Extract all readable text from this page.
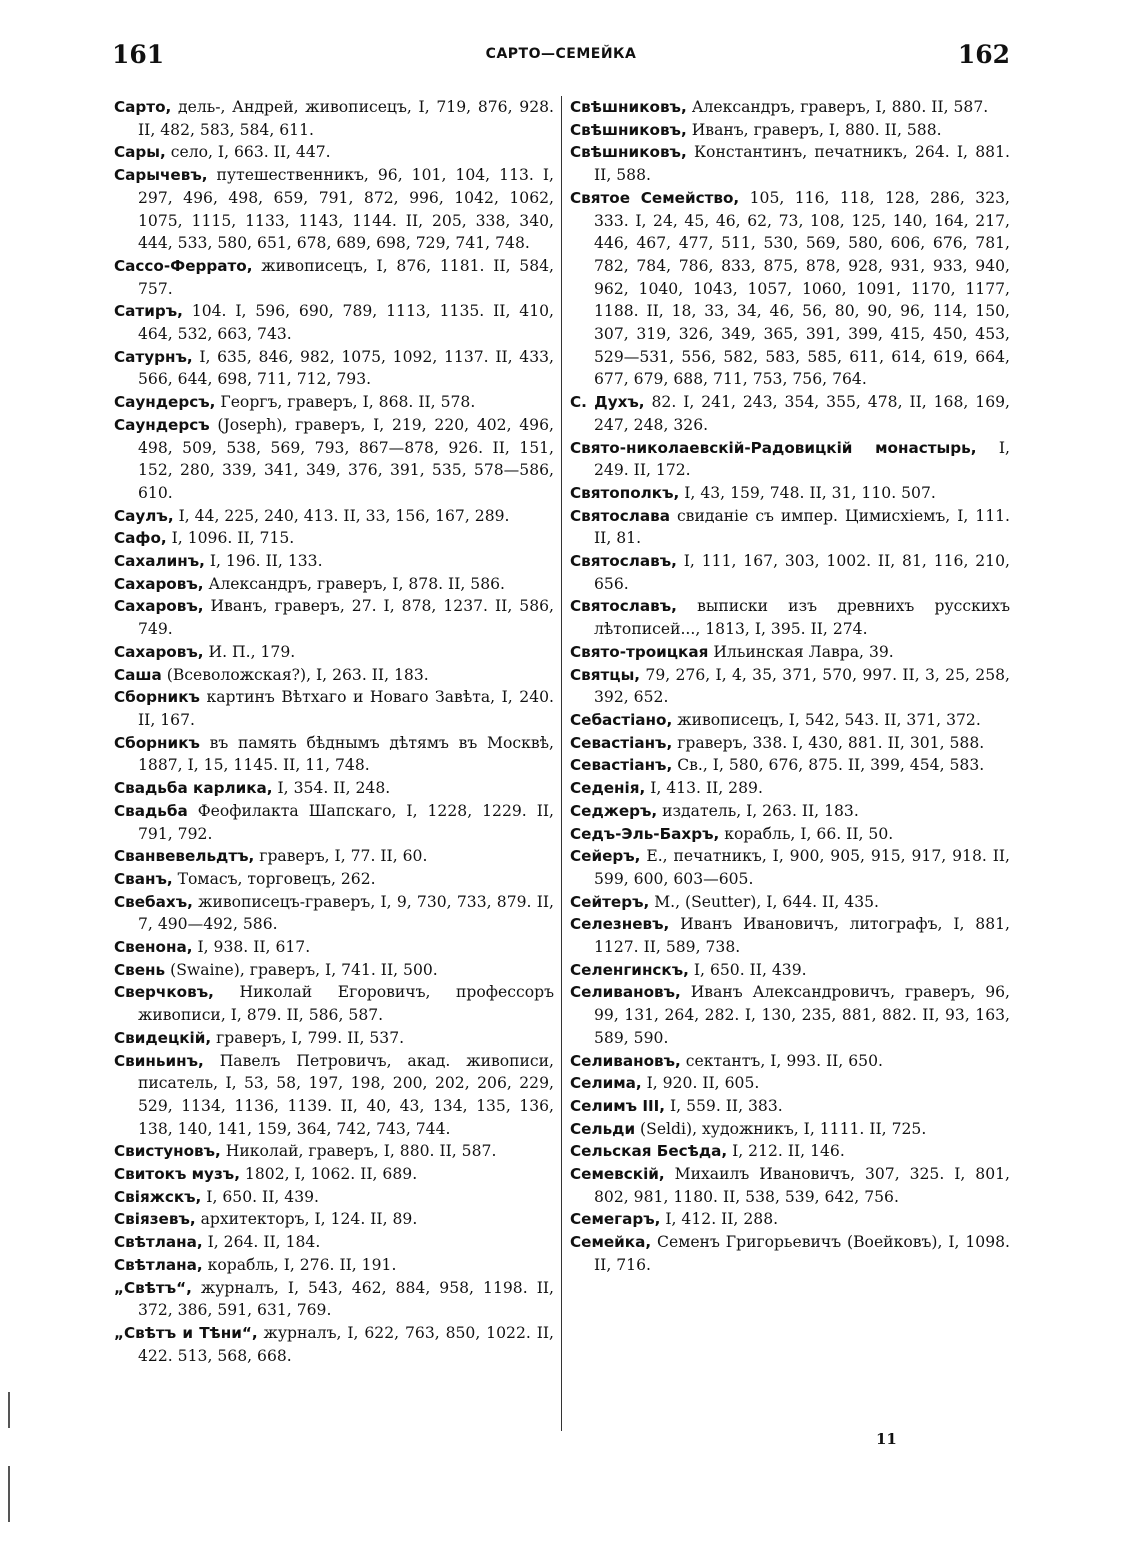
161	САРТО—СЕМЕЙКА	162

Сарто, дель-, Андрей, живописецъ, I, 719, 876, 928. II, 482, 583, 584, 611.

Сары, село, I, 663. II, 447.

Сарычевъ, путешественникъ, 96, 101, 104, 113. I, 297, 496, 498, 659, 791, 872, 996, 1042, 1062, 1075, 1115, 1133, 1143, 1144. II, 205, 338, 340, 444, 533, 580, 651, 678, 689, 698, 729, 741, 748.

Сассо-Феррато, живописецъ, I, 876, 1181. II, 584, 757.

Сатиръ, 104. I, 596, 690, 789, 1113, 1135. II, 410, 464, 532, 663, 743.

Сатурнъ, I, 635, 846, 982, 1075, 1092, 1137. II, 433, 566, 644, 698, 711, 712, 793.

Саундерсъ, Георгъ, граверъ, I, 868. II, 578.

Саундерсъ (Joseph), граверъ, I, 219, 220, 402, 496, 498, 509, 538, 569, 793, 867—878, 926. II, 151, 152, 280, 339, 341, 349, 376, 391, 535, 578—586, 610.

Саулъ, I, 44, 225, 240, 413. II, 33, 156, 167, 289.

Сафо, I, 1096. II, 715.

Сахалинъ, I, 196. II, 133.

Сахаровъ, Александръ, граверъ, I, 878. II, 586.

Сахаровъ, Иванъ, граверъ, 27. I, 878, 1237. II, 586, 749.

Сахаровъ, И. П., 179.

Саша (Всеволожская?), I, 263. II, 183.

Сборникъ картинъ Вѣтхаго и Новаго Завѣта, I, 240. II, 167.

Сборникъ въ память бѣднымъ дѣтямъ въ Москвѣ, 1887, I, 15, 1145. II, 11, 748.

Свадьба карлика, I, 354. II, 248.

Свадьба Феофилакта Шапскаго, I, 1228, 1229. II, 791, 792.

Сванвевельдтъ, граверъ, I, 77. II, 60.

Сванъ, Томасъ, торговецъ, 262.

Свебахъ, живописецъ-граверъ, I, 9, 730, 733, 879. II, 7, 490—492, 586.

Свенона, I, 938. II, 617.

Свень (Swaine), граверъ, I, 741. II, 500.

Сверчковъ, Николай Егоровичъ, профессоръ живописи, I, 879. II, 586, 587.

Свидецкій, граверъ, I, 799. II, 537.

Свиньинъ, Павелъ Петровичъ, акад. живописи, писатель, I, 53, 58, 197, 198, 200, 202, 206, 229, 529, 1134, 1136, 1139. II, 40, 43, 134, 135, 136, 138, 140, 141, 159, 364, 742, 743, 744.

Свистуновъ, Николай, граверъ, I, 880. II, 587.

Свитокъ музъ, 1802, I, 1062. II, 689.

Свіяжскъ, I, 650. II, 439.

Свіязевъ, архитекторъ, I, 124. II, 89.

Свѣтлана, I, 264. II, 184.

Свѣтлана, корабль, I, 276. II, 191.

„Свѣтъ“, журналъ, I, 543, 462, 884, 958, 1198. II, 372, 386, 591, 631, 769.

„Свѣтъ и Тѣни“, журналъ, I, 622, 763, 850, 1022. II, 422. 513, 568, 668.

Свѣшниковъ, Александръ, граверъ, I, 880. II, 587.

Свѣшниковъ, Иванъ, граверъ, I, 880. II, 588.

Свѣшниковъ, Константинъ, печатникъ, 264. I, 881. II, 588.

Святое Семейство, 105, 116, 118, 128, 286, 323, 333. I, 24, 45, 46, 62, 73, 108, 125, 140, 164, 217, 446, 467, 477, 511, 530, 569, 580, 606, 676, 781, 782, 784, 786, 833, 875, 878, 928, 931, 933, 940, 962, 1040, 1043, 1057, 1060, 1091, 1170, 1177, 1188. II, 18, 33, 34, 46, 56, 80, 90, 96, 114, 150, 307, 319, 326, 349, 365, 391, 399, 415, 450, 453, 529—531, 556, 582, 583, 585, 611, 614, 619, 664, 677, 679, 688, 711, 753, 756, 764.

С. Духъ, 82. I, 241, 243, 354, 355, 478, II, 168, 169, 247, 248, 326.

Свято-николаевскій-Радовицкій монастырь, I, 249. II, 172.

Святополкъ, I, 43, 159, 748. II, 31, 110. 507.

Святослава свиданіе съ импер. Цимисхіемъ, I, 111. II, 81.

Святославъ, I, 111, 167, 303, 1002. II, 81, 116, 210, 656.

Святославъ, выписки изъ древнихъ русскихъ лѣтописей..., 1813, I, 395. II, 274.

Свято-троицкая Ильинская Лавра, 39.

Святцы, 79, 276, I, 4, 35, 371, 570, 997. II, 3, 25, 258, 392, 652.

Себастіано, живописецъ, I, 542, 543. II, 371, 372.

Севастіанъ, граверъ, 338. I, 430, 881. II, 301, 588.

Севастіанъ, Св., I, 580, 676, 875. II, 399, 454, 583.

Седенія, I, 413. II, 289.

Седжеръ, издатель, I, 263. II, 183.

Седъ-Эль-Бахръ, корабль, I, 66. II, 50.

Сейеръ, E., печатникъ, I, 900, 905, 915, 917, 918. II, 599, 600, 603—605.

Сейтеръ, M., (Seutter), I, 644. II, 435.

Селезневъ, Иванъ Ивановичъ, литографъ, I, 881, 1127. II, 589, 738.

Селенгинскъ, I, 650. II, 439.

Селивановъ, Иванъ Александровичъ, граверъ, 96, 99, 131, 264, 282. I, 130, 235, 881, 882. II, 93, 163, 589, 590.

Селивановъ, сектантъ, I, 993. II, 650.

Селима, I, 920. II, 605.

Селимъ III, I, 559. II, 383.

Сельди (Seldi), художникъ, I, 1111. II, 725.

Сельская Бесѣда, I, 212. II, 146.

Семевскій, Михаилъ Ивановичъ, 307, 325. I, 801, 802, 981, 1180. II, 538, 539, 642, 756.

Семегаръ, I, 412. II, 288.

Семейка, Семенъ Григорьевичъ (Воейковъ), I, 1098. II, 716.

11
